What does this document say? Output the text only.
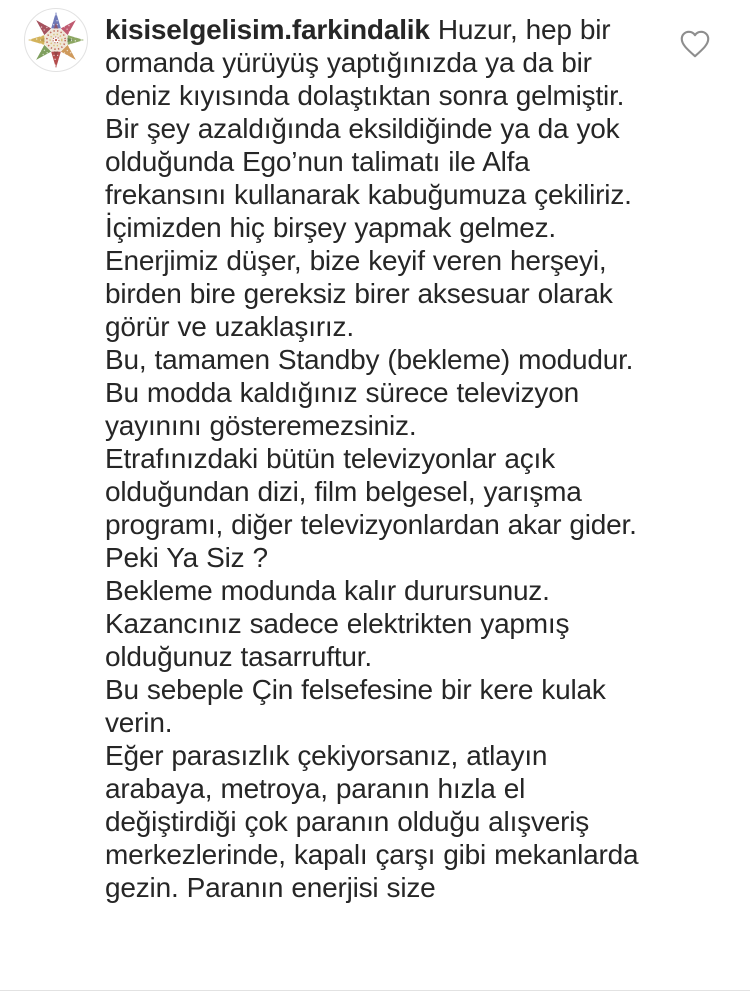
kisiselgelisim.farkindalik Huzur, hep bir ormanda yürüyüş yaptığınızda ya da bir deniz kıyısında dolaştıktan sonra gelmiştir.

Bir şey azaldığında eksildiğinde ya da yok olduğunda Ego’nun talimatı ile Alfa frekansını kullanarak kabuğumuza çekiliriz.

İçimizden hiç birşey yapmak gelmez.

Enerjimiz düşer, bize keyif veren herşeyi, birden bire gereksiz birer aksesuar olarak görür ve uzaklaşırız.

Bu, tamamen Standby (bekleme) modudur. Bu modda kaldığınız sürece televizyon yayınını gösteremezsiniz.

Etrafınızdaki bütün televizyonlar açık olduğundan dizi, film belgesel, yarışma programı, diğer televizyonlardan akar gider.

Peki Ya Siz ?

Bekleme modunda kalır durursunuz.

Kazancınız sadece elektrikten yapmış olduğunuz tasarruftur.

Bu sebeple Çin felsefesine bir kere kulak verin.

Eğer parasızlık çekiyorsanız, atlayın arabaya, metroya, paranın hızla el değiştirdiği çok paranın olduğu alışveriş merkezlerinde, kapalı çarşı gibi mekanlarda gezin. Paranın enerjisi size
